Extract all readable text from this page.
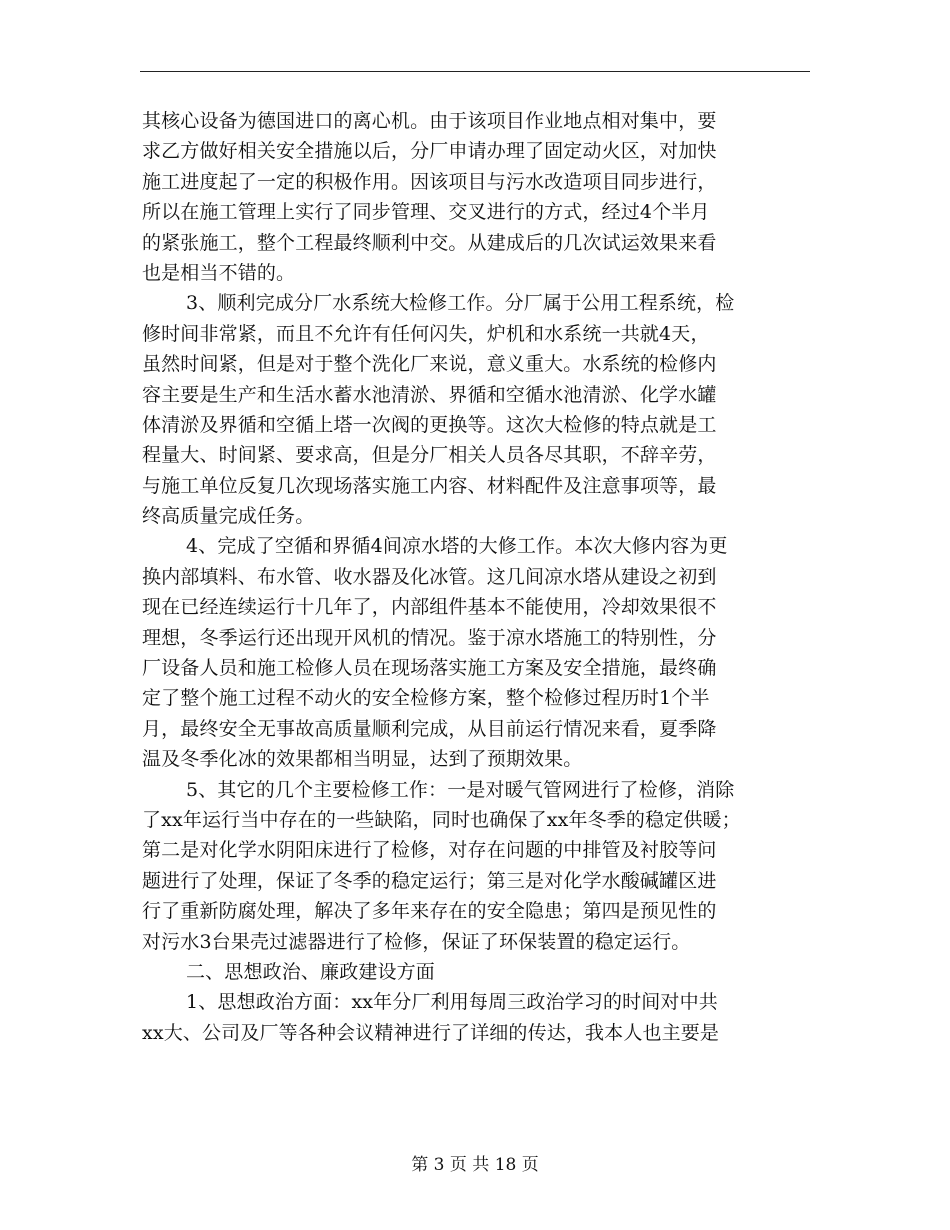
其核心设备为德国进口的离心机。由于该项目作业地点相对集中，要
求乙方做好相关安全措施以后，分厂申请办理了固定动火区，对加快
施工进度起了一定的积极作用。因该项目与污水改造项目同步进行，
所以在施工管理上实行了同步管理、交叉进行的方式，经过4个半月
的紧张施工，整个工程最终顺利中交。从建成后的几次试运效果来看
也是相当不错的。
3、顺利完成分厂水系统大检修工作。分厂属于公用工程系统，检
修时间非常紧，而且不允许有任何闪失，炉机和水系统一共就4天，
虽然时间紧，但是对于整个洗化厂来说，意义重大。水系统的检修内
容主要是生产和生活水蓄水池清淤、界循和空循水池清淤、化学水罐
体清淤及界循和空循上塔一次阀的更换等。这次大检修的特点就是工
程量大、时间紧、要求高，但是分厂相关人员各尽其职，不辞辛劳，
与施工单位反复几次现场落实施工内容、材料配件及注意事项等，最
终高质量完成任务。
4、完成了空循和界循4间凉水塔的大修工作。本次大修内容为更
换内部填料、布水管、收水器及化冰管。这几间凉水塔从建设之初到
现在已经连续运行十几年了，内部组件基本不能使用，冷却效果很不
理想，冬季运行还出现开风机的情况。鉴于凉水塔施工的特别性，分
厂设备人员和施工检修人员在现场落实施工方案及安全措施，最终确
定了整个施工过程不动火的安全检修方案，整个检修过程历时1个半
月，最终安全无事故高质量顺利完成，从目前运行情况来看，夏季降
温及冬季化冰的效果都相当明显，达到了预期效果。
5、其它的几个主要检修工作：一是对暖气管网进行了检修，消除
了xx年运行当中存在的一些缺陷，同时也确保了xx年冬季的稳定供暖；
第二是对化学水阴阳床进行了检修，对存在问题的中排管及衬胶等问
题进行了处理，保证了冬季的稳定运行；第三是对化学水酸碱罐区进
行了重新防腐处理，解决了多年来存在的安全隐患；第四是预见性的
对污水3台果壳过滤器进行了检修，保证了环保装置的稳定运行。
二、思想政治、廉政建设方面
1、思想政治方面：xx年分厂利用每周三政治学习的时间对中共
xx大、公司及厂等各种会议精神进行了详细的传达，我本人也主要是
第 3 页 共 18 页
